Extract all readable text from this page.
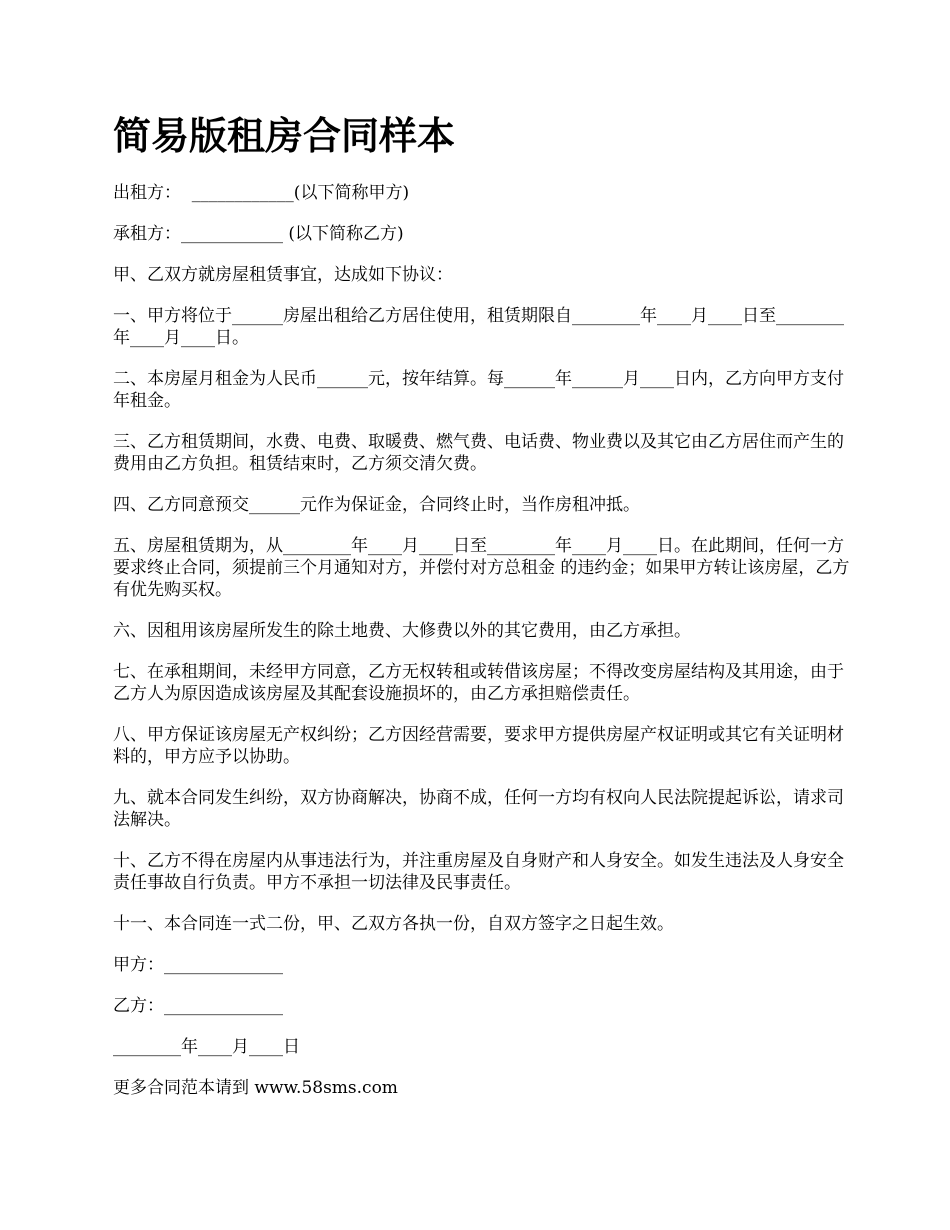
简易版租房合同样本

出租方：  ____________(以下简称甲方)

承租方：____________ (以下简称乙方)

甲、乙双方就房屋租赁事宜，达成如下协议：

一、甲方将位于______房屋出租给乙方居住使用，租赁期限自________年____月____日至________年____月____日。

二、本房屋月租金为人民币______元，按年结算。每______年______月____日内，乙方向甲方支付年租金。

三、乙方租赁期间，水费、电费、取暖费、燃气费、电话费、物业费以及其它由乙方居住而产生的费用由乙方负担。租赁结束时，乙方须交清欠费。

四、乙方同意预交______元作为保证金，合同终止时，当作房租冲抵。

五、房屋租赁期为，从________年____月____日至________年____月____日。在此期间，任何一方要求终止合同，须提前三个月通知对方，并偿付对方总租金 的违约金；如果甲方转让该房屋，乙方有优先购买权。

六、因租用该房屋所发生的除土地费、大修费以外的其它费用，由乙方承担。

七、在承租期间，未经甲方同意，乙方无权转租或转借该房屋；不得改变房屋结构及其用途，由于乙方人为原因造成该房屋及其配套设施损坏的，由乙方承担赔偿责任。

八、甲方保证该房屋无产权纠纷；乙方因经营需要，要求甲方提供房屋产权证明或其它有关证明材料的，甲方应予以协助。

九、就本合同发生纠纷，双方协商解决，协商不成，任何一方均有权向人民法院提起诉讼，请求司法解决。

十、乙方不得在房屋内从事违法行为，并注重房屋及自身财产和人身安全。如发生违法及人身安全责任事故自行负责。甲方不承担一切法律及民事责任。

十一、本合同连一式二份，甲、乙双方各执一份，自双方签字之日起生效。

甲方：______________

乙方：______________

________年____月____日

更多合同范本请到 www.58sms.com
